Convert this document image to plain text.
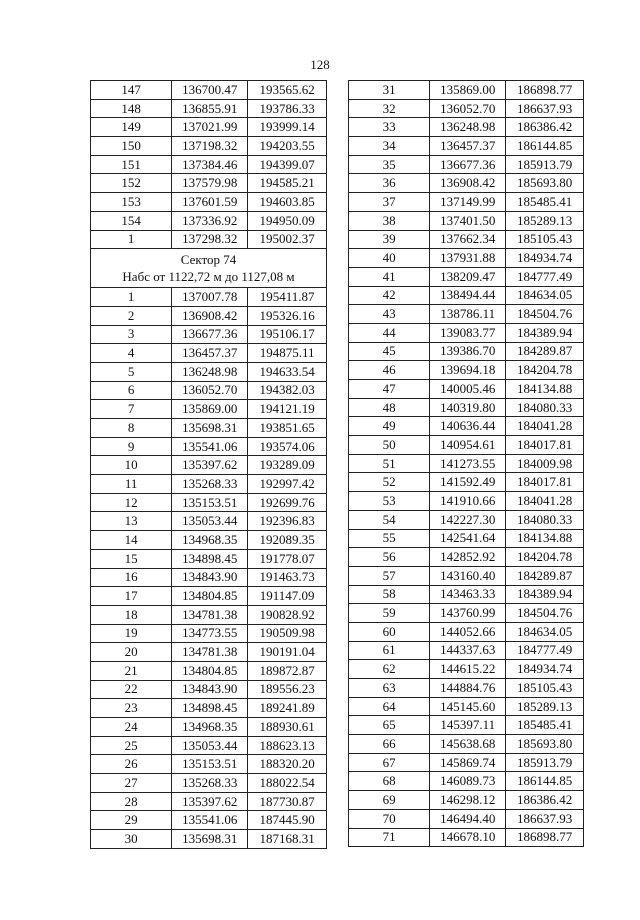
128
147	136700.47	193565.62
148	136855.91	193786.33
149	137021.99	193999.14
150	137198.32	194203.55
151	137384.46	194399.07
152	137579.98	194585.21
153	137601.59	194603.85
154	137336.92	194950.09
1	137298.32	195002.37

Сектор 74
Набс от 1122,72 м до 1127,08 м		

1	137007.78	195411.87
2	136908.42	195326.16
3	136677.36	195106.17
4	136457.37	194875.11
5	136248.98	194633.54
6	136052.70	194382.03
7	135869.00	194121.19
8	135698.31	193851.65
9	135541.06	193574.06
10	135397.62	193289.09
11	135268.33	192997.42
12	135153.51	192699.76
13	135053.44	192396.83
14	134968.35	192089.35
15	134898.45	191778.07
16	134843.90	191463.73
17	134804.85	191147.09
18	134781.38	190828.92
19	134773.55	190509.98
20	134781.38	190191.04
21	134804.85	189872.87
22	134843.90	189556.23
23	134898.45	189241.89
24	134968.35	188930.61
25	135053.44	188623.13
26	135153.51	188320.20
27	135268.33	188022.54
28	135397.62	187730.87
29	135541.06	187445.90
30	135698.31	187168.31
31	135869.00	186898.77
32	136052.70	186637.93
33	136248.98	186386.42
34	136457.37	186144.85
35	136677.36	185913.79
36	136908.42	185693.80
37	137149.99	185485.41
38	137401.50	185289.13
39	137662.34	185105.43
40	137931.88	184934.74
41	138209.47	184777.49
42	138494.44	184634.05
43	138786.11	184504.76
44	139083.77	184389.94
45	139386.70	184289.87
46	139694.18	184204.78
47	140005.46	184134.88
48	140319.80	184080.33
49	140636.44	184041.28
50	140954.61	184017.81
51	141273.55	184009.98
52	141592.49	184017.81
53	141910.66	184041.28
54	142227.30	184080.33
55	142541.64	184134.88
56	142852.92	184204.78
57	143160.40	184289.87
58	143463.33	184389.94
59	143760.99	184504.76
60	144052.66	184634.05
61	144337.63	184777.49
62	144615.22	184934.74
63	144884.76	185105.43
64	145145.60	185289.13
65	145397.11	185485.41
66	145638.68	185693.80
67	145869.74	185913.79
68	146089.73	186144.85
69	146298.12	186386.42
70	146494.40	186637.93
71	146678.10	186898.77
